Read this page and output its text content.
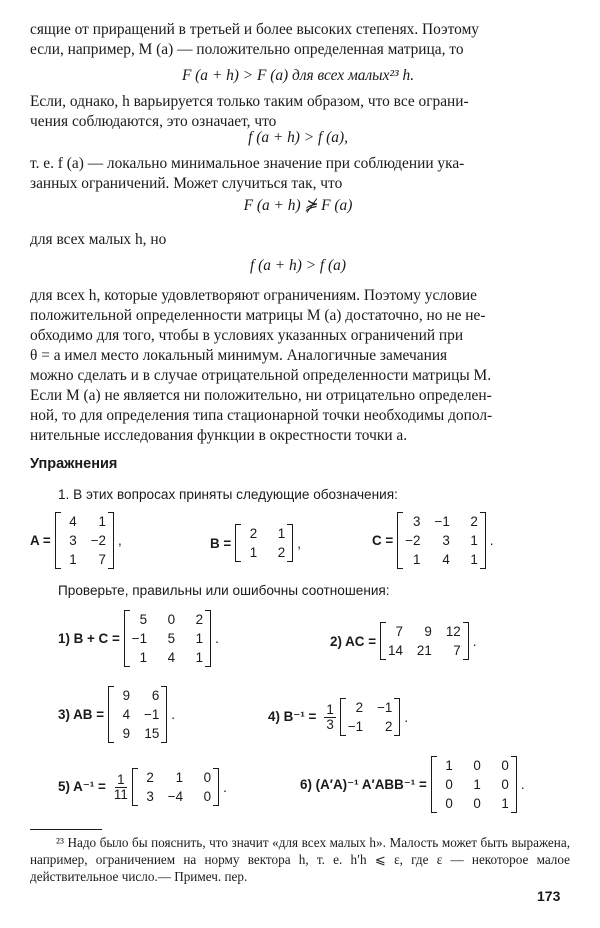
сящие от приращений в третьей и более высоких степенях. Поэтому
если, например, M (a) — положительно определенная матрица, то

F (a + h) > F (a) для всех малых²³ h.

Если, однако, h варьируется только таким образом, что все ограни-
чения соблюдаются, это означает, что

f (a + h) > f (a),

т. е. f (a) — локально минимальное значение при соблюдении ука-
занных ограничений. Может случиться так, что

F (a + h) ⋡ F (a)

для всех малых h, но

f (a + h) > f (a)

для всех h, которые удовлетворяют ограничениям. Поэтому условие
положительной определенности матрицы M (a) достаточно, но не не-
обходимо для того, чтобы в условиях указанных ограничений при
θ = a имел место локальный минимум. Аналогичные замечания
можно сделать и в случае отрицательной определенности матрицы M.
Если M (a) не является ни положительно, ни отрицательно определен-
ной, то для определения типа стационарной точки необходимы допол-
нительные исследования функции в окрестности точки a.

Упражнения
1. В этих вопросах приняты следующие обозначения:
A =
4	1
3 −2
1	7
,	B =
2	1
1	2
,	C =
3 −1	2
−2	3	1
1	4	1
.
Проверьте, правильны или ошибочны соотношения:
1) B + C =
5	0	2
−1	5	1
1	4	1
.	2) AC =
7	9 12
14 21	7
.
3) AB =
9	6
4 −1
9 15
.	4) $B^{-1} = \frac{1}{3}$	2 −1
−1	2
.
5) $A^{-1} = \frac{1}{11}$	2	1	0
3 −4	0
.	6) (A′A)⁻¹ A′ABB⁻¹ =
1	0	0
0	1	0
0	0	1
.
²³ Надо было бы пояснить, что значит «для всех малых h». Малость может быть выражена, например, ограничением на норму вектора h, т. е. h′h ⩽ ε, где ε — некоторое малое действительное число.— Примеч. пер.
173
